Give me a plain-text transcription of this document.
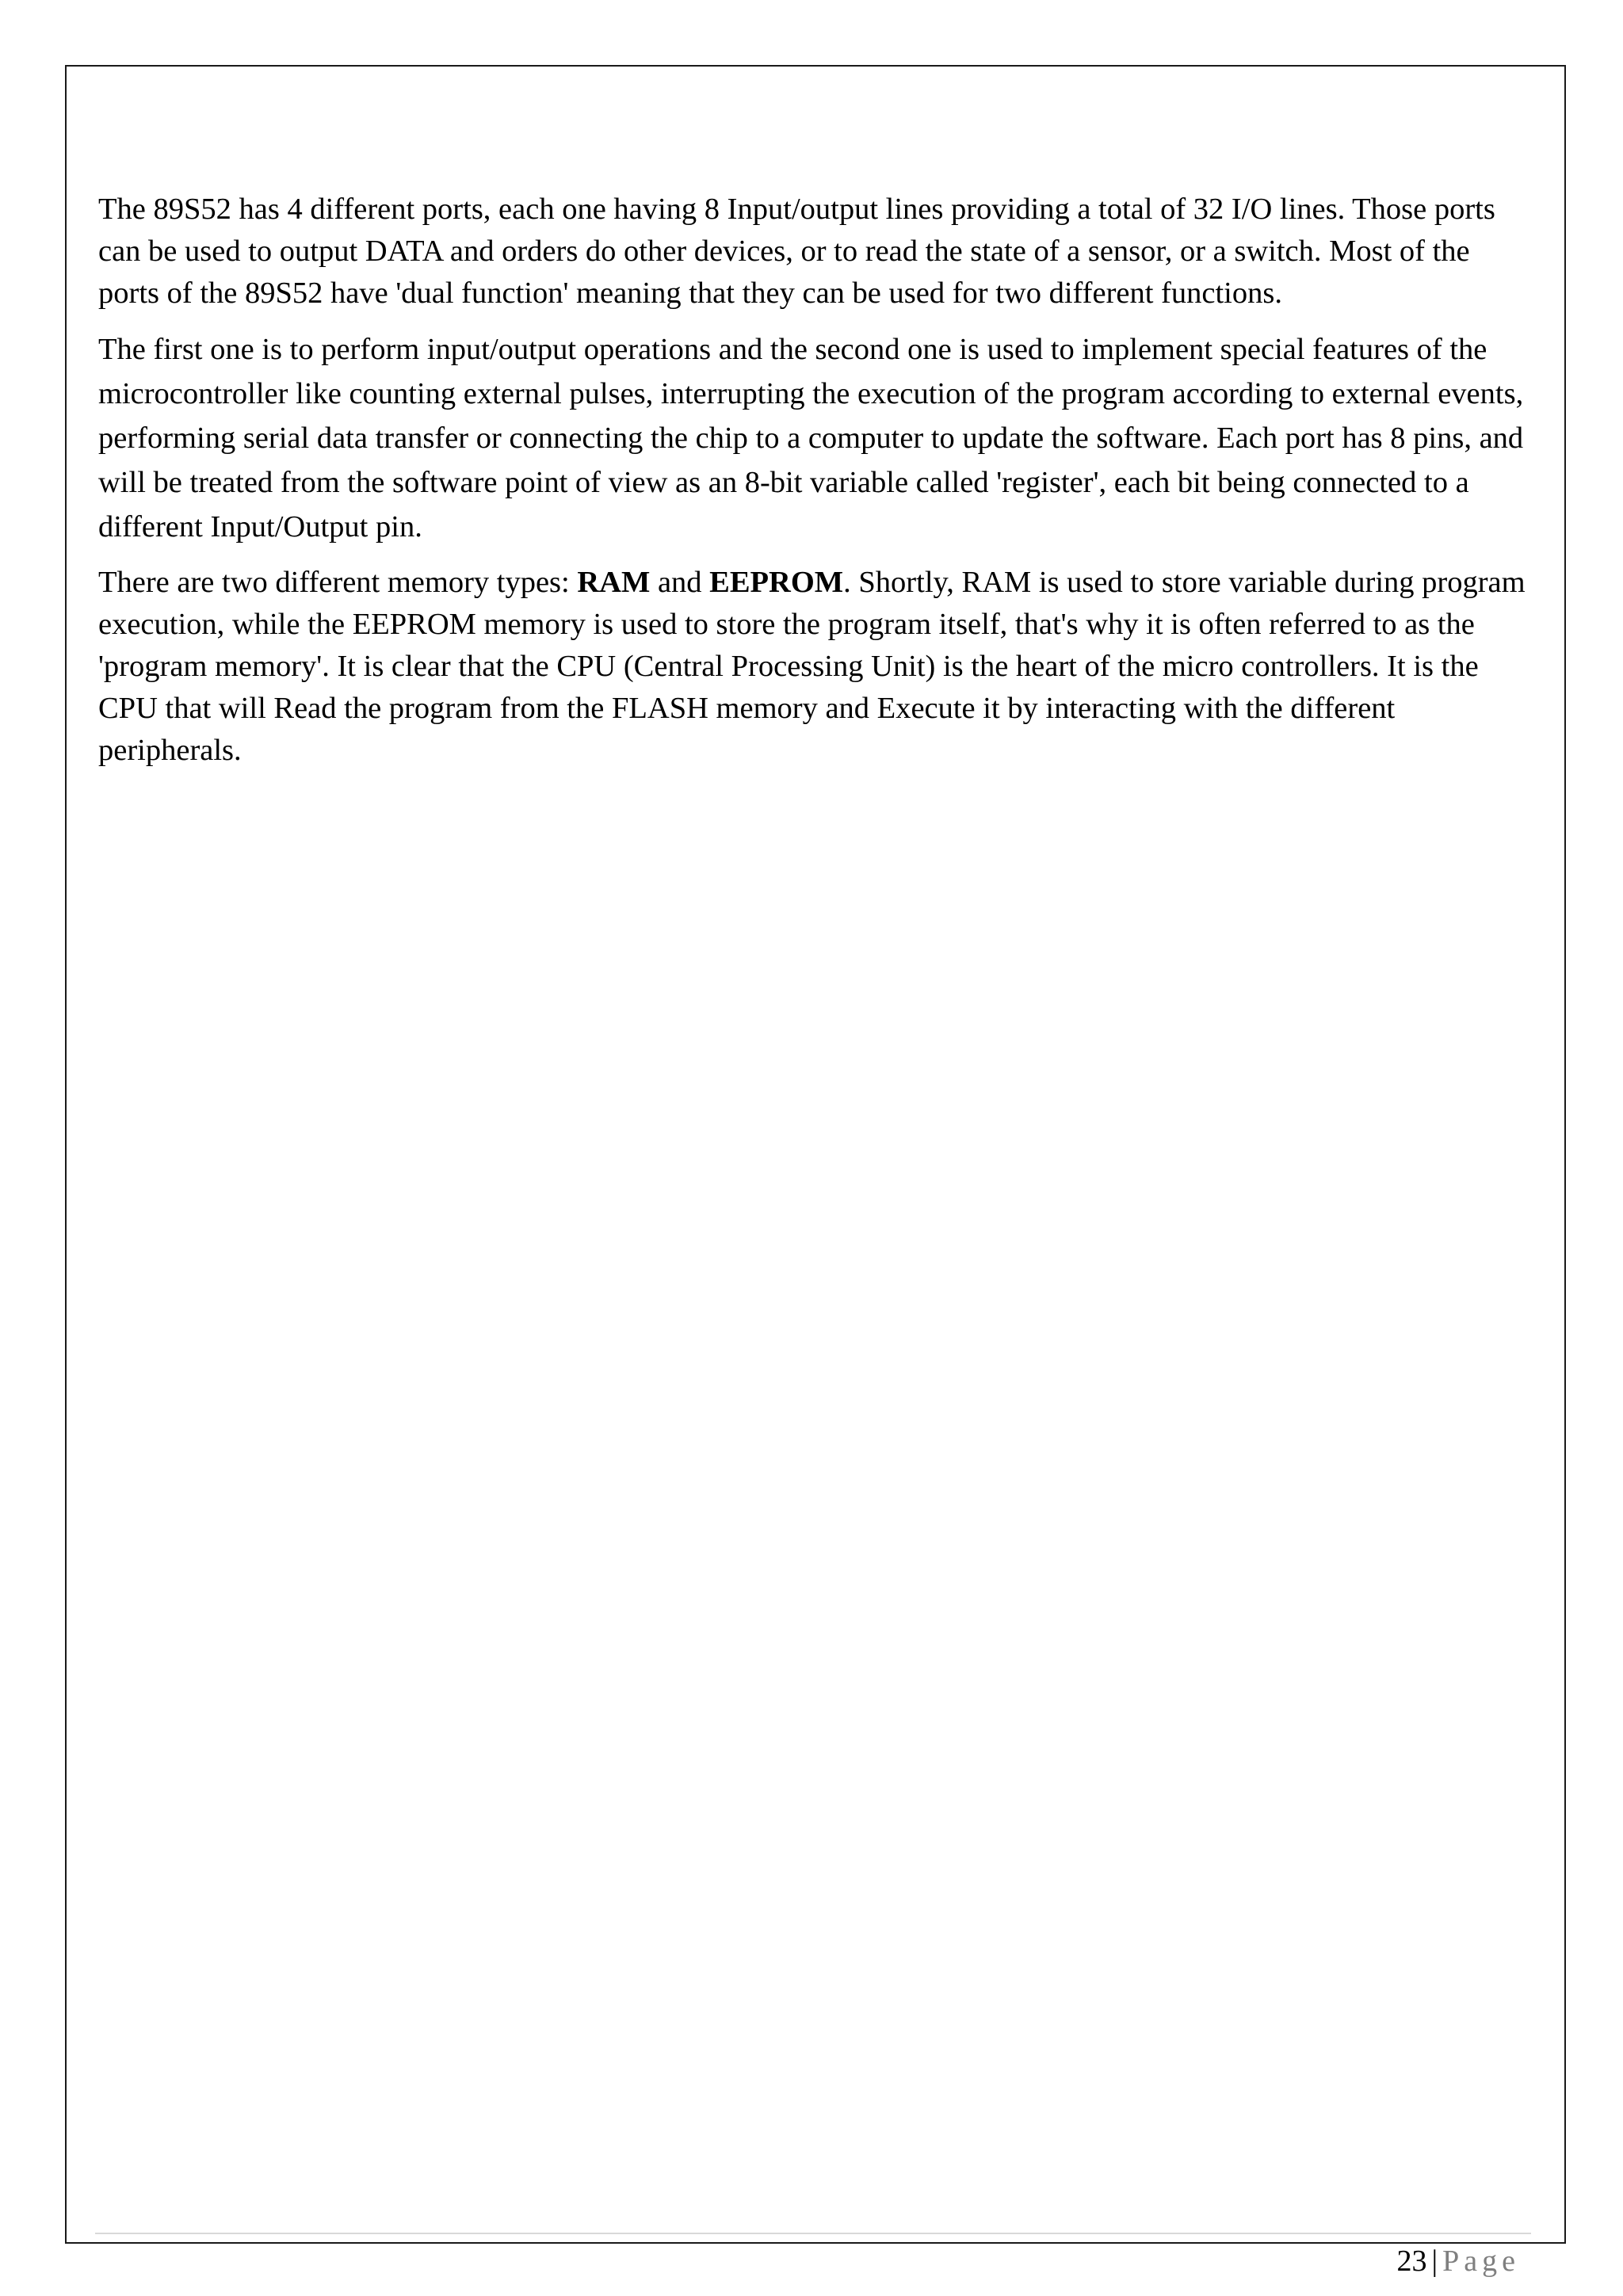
The 89S52 has 4 different ports, each one having 8 Input/output lines providing a total of 32 I/O lines. Those ports can be used to output DATA and orders do other devices, or to read the state of a sensor, or a switch. Most of the ports of the 89S52 have 'dual function' meaning that they can be used for two different functions.

The first one is to perform input/output operations and the second one is used to implement special features of the microcontroller like counting external pulses, interrupting the execution of the program according to external events, performing serial data transfer or connecting the chip to a computer to update the software. Each port has 8 pins, and will be treated from the software point of view as an 8-bit variable called 'register', each bit being connected to a different Input/Output pin.

There are two different memory types: RAM and EEPROM. Shortly, RAM is used to store variable during program execution, while the EEPROM memory is used to store the program itself, that's why it is often referred to as the 'program memory'. It is clear that the CPU (Central Processing Unit) is the heart of the micro controllers. It is the CPU that will Read the program from the FLASH memory and Execute it by interacting with the different peripherals.

23 | Page
